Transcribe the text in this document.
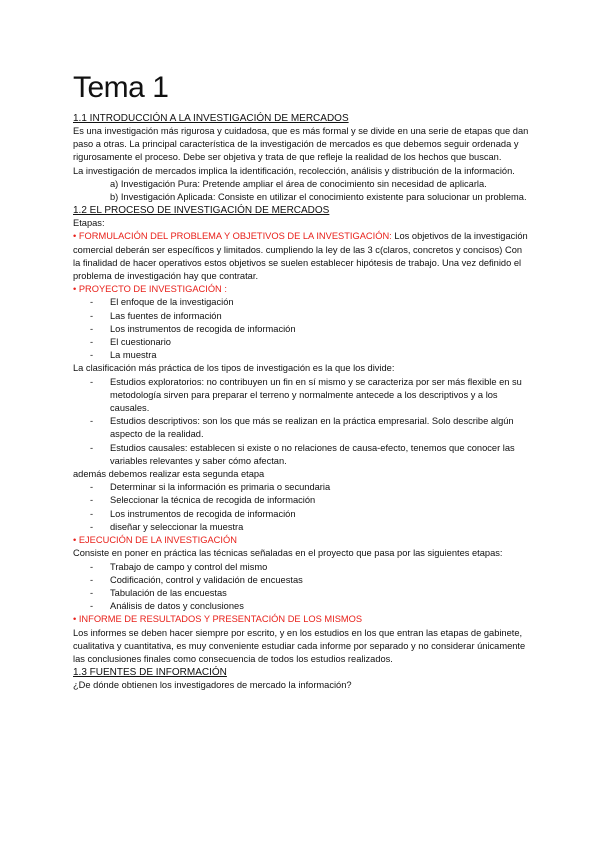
Tema 1

1.1 INTRODUCCIÓN A LA INVESTIGACIÓN DE MERCADOS

Es una investigación más rigurosa y cuidadosa, que es más formal y se divide en una serie de etapas que dan paso a otras. La principal característica de la investigación de mercados es que debemos seguir ordenada y rigurosamente el proceso. Debe ser objetiva y trata de que refleje la realidad de los hechos que buscan.

La investigación de mercados implica la identificación, recolección, análisis y distribución de la información.

a) Investigación Pura: Pretende ampliar el área de conocimiento sin necesidad de aplicarla.

b) Investigación Aplicada: Consiste en utilizar el conocimiento existente para solucionar un problema.

1.2 EL PROCESO DE INVESTIGACIÓN DE MERCADOS

Etapas:

• FORMULACIÓN DEL PROBLEMA Y OBJETIVOS DE LA INVESTIGACIÓN: Los objetivos de la investigación comercial deberán ser específicos y limitados. cumpliendo la ley de las 3 c(claros, concretos y concisos) Con la finalidad de hacer operativos estos objetivos se suelen establecer hipótesis de trabajo. Una vez definido el problema de investigación hay que contratar.

• PROYECTO DE INVESTIGACIÓN :

- El enfoque de la investigación
- Las fuentes de información
- Los instrumentos de recogida de información
- El cuestionario
- La muestra

La clasificación más práctica de los tipos de investigación es la que los divide:

- Estudios exploratorios: no contribuyen un fin en sí mismo y se caracteriza por ser más flexible en su metodología sirven para preparar el terreno y normalmente antecede a los descriptivos y a los causales.
- Estudios descriptivos: son los que más se realizan en la práctica empresarial. Solo describe algún aspecto de la realidad.
- Estudios causales: establecen si existe o no relaciones de causa-efecto, tenemos que conocer las variables relevantes y saber cómo afectan.

además debemos realizar esta segunda etapa

- Determinar si la información es primaria o secundaria
- Seleccionar la técnica de recogida de información
- Los instrumentos de recogida de información
- diseñar y seleccionar la muestra

• EJECUCIÓN DE LA INVESTIGACIÓN

Consiste en poner en práctica las técnicas señaladas en el proyecto que pasa por las siguientes etapas:

- Trabajo de campo y control del mismo
- Codificación, control y validación de encuestas
- Tabulación de las encuestas
- Análisis de datos y conclusiones

• INFORME DE RESULTADOS Y PRESENTACIÓN DE LOS MISMOS

Los informes se deben hacer siempre por escrito, y en los estudios en los que entran las etapas de gabinete, cualitativa y cuantitativa, es muy conveniente estudiar cada informe por separado y no considerar únicamente las conclusiones finales como consecuencia de todos los estudios realizados.

1.3 FUENTES DE INFORMACIÓN

¿De dónde obtienen los investigadores de mercado la información?
